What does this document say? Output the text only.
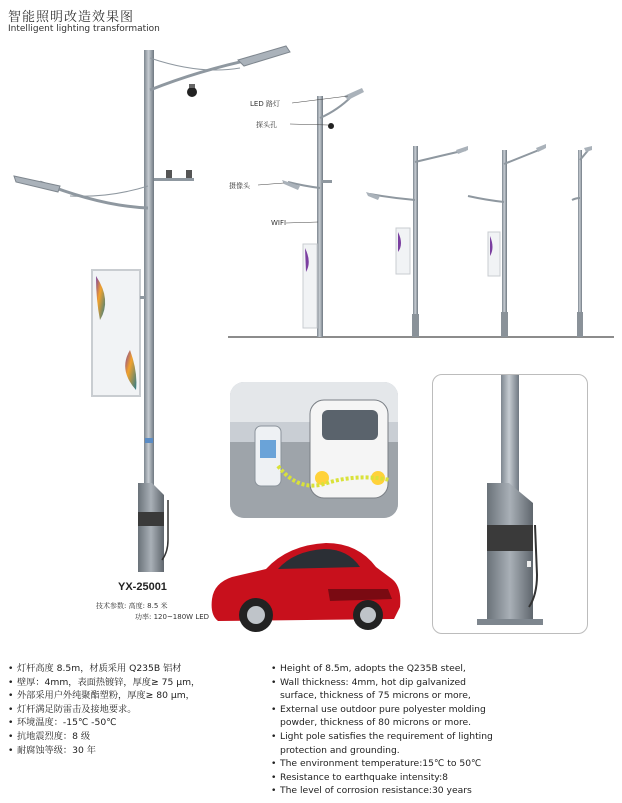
智能照明改造效果图
Intelligent lighting transformation
LED 路灯
探头孔
摄像头
WIFI
YX-25001
技术参数: 高度: 8.5 米
功率: 120~180W LED
• 灯杆高度 8.5m，材质采用 Q235B 铝材
• 壁厚：4mm，表面热镀锌，厚度≥ 75 μm，
• 外部采用户外纯聚酯塑粉，厚度≥ 80 μm，
• 灯杆满足防雷击及接地要求。
• 环境温度：-15℃ -50℃
• 抗地震烈度：8 级
• 耐腐蚀等级：30 年
• Height of 8.5m, adopts the Q235B steel,
• Wall thickness: 4mm, hot dip galvanized
surface, thickness of 75 microns or more,
• External use outdoor pure polyester molding
powder, thickness of 80 microns or more.
• Light pole satisfies the requirement of lighting
protection and grounding.
• The environment temperature:15℃ to 50℃
• Resistance to earthquake intensity:8
• The level of corrosion resistance:30 years
